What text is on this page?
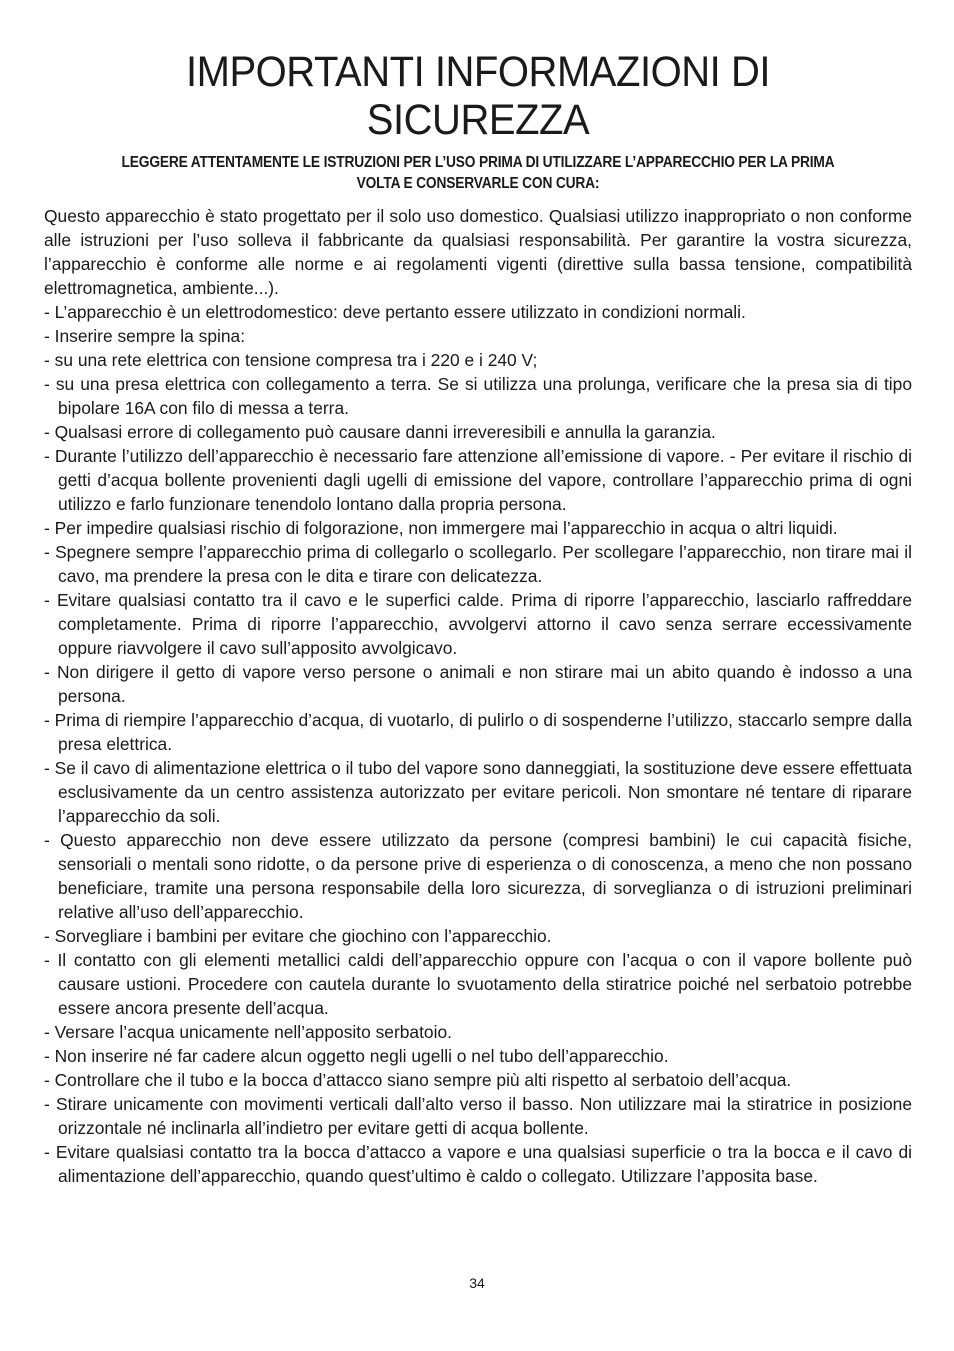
IMPORTANTI INFORMAZIONI DI SICUREZZA
LEGGERE ATTENTAMENTE LE ISTRUZIONI PER L’USO PRIMA DI UTILIZZARE L’APPARECCHIO PER LA PRIMA VOLTA E CONSERVARLE CON CURA:

Questo apparecchio è stato progettato per il solo uso domestico. Qualsiasi utilizzo inappropriato o non conforme alle istruzioni per l’uso solleva il fabbricante da qualsiasi responsabilità. Per garantire la vostra sicurezza, l’apparecchio è conforme alle norme e ai regolamenti vigenti (direttive sulla bassa tensione, compatibilità elettromagnetica, ambiente...).

- L’apparecchio è un elettrodomestico: deve pertanto essere utilizzato in condizioni normali.
- Inserire sempre la spina:
- su una rete elettrica con tensione compresa tra i 220 e i 240 V;
- su una presa elettrica con collegamento a terra. Se si utilizza una prolunga, verificare che la presa sia di tipo bipolare 16A con filo di messa a terra.
- Qualsasi errore di collegamento può causare danni irreveresibili e annulla la garanzia.
- Durante l’utilizzo dell’apparecchio è necessario fare attenzione all’emissione di vapore. - Per evitare il rischio di getti d’acqua bollente provenienti dagli ugelli di emissione del vapore, controllare l’apparecchio prima di ogni utilizzo e farlo funzionare tenendolo lontano dalla propria persona.
- Per impedire qualsiasi rischio di folgorazione, non immergere mai l’apparecchio in acqua o altri liquidi.
- Spegnere sempre l’apparecchio prima di collegarlo o scollegarlo. Per scollegare l’apparecchio, non tirare mai il cavo, ma prendere la presa con le dita e tirare con delicatezza.
- Evitare qualsiasi contatto tra il cavo e le superfici calde. Prima di riporre l’apparecchio, lasciarlo raffreddare completamente. Prima di riporre l’apparecchio, avvolgervi attorno il cavo senza serrare eccessivamente oppure riavvolgere il cavo sull’apposito avvolgicavo.
- Non dirigere il getto di vapore verso persone o animali e non stirare mai un abito quando è indosso a una persona.
- Prima di riempire l’apparecchio d’acqua, di vuotarlo, di pulirlo o di sospenderne l’utilizzo, staccarlo sempre dalla presa elettrica.
- Se il cavo di alimentazione elettrica o il tubo del vapore sono danneggiati, la sostituzione deve essere effettuata esclusivamente da un centro assistenza autorizzato per evitare pericoli. Non smontare né tentare di riparare l’apparecchio da soli.
- Questo apparecchio non deve essere utilizzato da persone (compresi bambini) le cui capacità fisiche, sensoriali o mentali sono ridotte, o da persone prive di esperienza o di conoscenza, a meno che non possano beneficiare, tramite una persona responsabile della loro sicurezza, di sorveglianza o di istruzioni preliminari relative all’uso dell’apparecchio.
- Sorvegliare i bambini per evitare che giochino con l’apparecchio.
- Il contatto con gli elementi metallici caldi dell’apparecchio oppure con l’acqua o con il vapore bollente può causare ustioni. Procedere con cautela durante lo svuotamento della stiratrice poiché nel serbatoio potrebbe essere ancora presente dell’acqua.
- Versare l’acqua unicamente nell’apposito serbatoio.
- Non inserire né far cadere alcun oggetto negli ugelli o nel tubo dell’apparecchio.
- Controllare che il tubo e la bocca d’attacco siano sempre più alti rispetto al serbatoio dell’acqua.
- Stirare unicamente con movimenti verticali dall’alto verso il basso. Non utilizzare mai la stiratrice in posizione orizzontale né inclinarla all’indietro per evitare getti di acqua bollente.
- Evitare qualsiasi contatto tra la bocca d’attacco a vapore e una qualsiasi superficie o tra la bocca e il cavo di alimentazione dell’apparecchio, quando quest’ultimo è caldo o collegato. Utilizzare l’apposita base.
34
